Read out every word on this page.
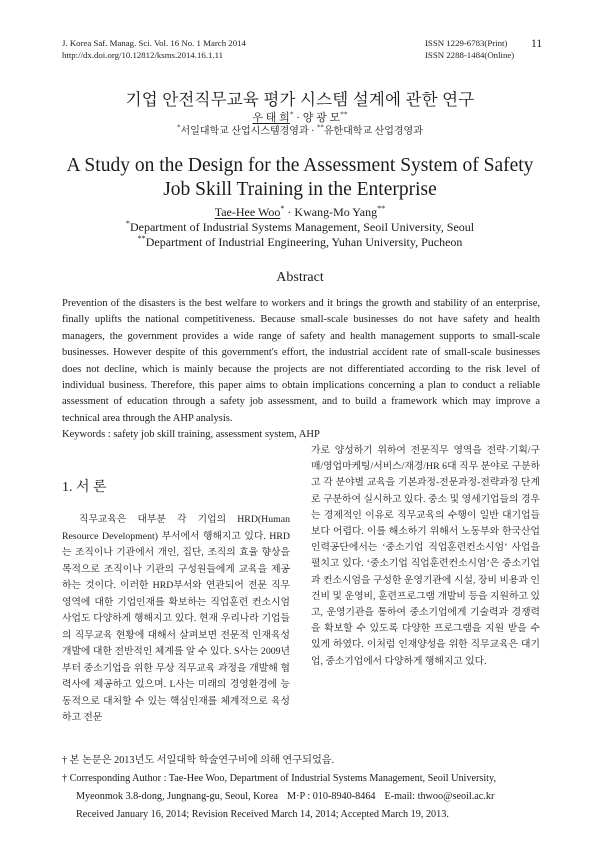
J. Korea Saf. Manag. Sci. Vol. 16 No. 1 March 2014
http://dx.doi.org/10.12812/ksms.2014.16.1.11
ISSN 1229-6783(Print)
ISSN 2288-1484(Online)
11
기업 안전직무교육 평가 시스템 설계에 관한 연구
우 태 희* · 양 광 모**
*서일대학교 산업시스템경영과 · **유한대학교 산업경영과
A Study on the Design for the Assessment System of Safety
Job Skill Training in the Enterprise
Tae-Hee Woo* · Kwang-Mo Yang**
*Department of Industrial Systems Management, Seoil University, Seoul
**Department of Industrial Engineering, Yuhan University, Pucheon
Abstract

Prevention of the disasters is the best welfare to workers and it brings the growth and stability of an enterprise, finally uplifts the national competitiveness. Because small-scale businesses do not have safety and health managers, the government provides a wide range of safety and health management supports to small-scale businesses. However despite of this government's effort, the industrial accident rate of small-scale businesses does not decline, which is mainly because the projects are not differentiated according to the risk level of individual business. Therefore, this paper aims to obtain implications concerning a plan to conduct a reliable assessment of education through a safety job assessment, and to build a framework which may improve a technical area through the AHP analysis.

Keywords : safety job skill training, assessment system, AHP

1. 서 론

직무교육은 대부분 각 기업의 HRD(Human Resource Development) 부서에서 행해지고 있다. HRD는 조직이나 기관에서 개인, 집단, 조직의 효율 향상을 목적으로 조직이나 기관의 구성원들에게 교육을 제공하는 것이다. 이러한 HRD부서와 연관되어 전문 직무 영역에 대한 기업인재를 확보하는 직업훈련 컨소시엄 사업도 다양하게 행해지고 있다. 현재 우리나라 기업들의 직무교육 현황에 대해서 살펴보면 전문적 인재육성 개발에 대한 전반적인 체계를 알 수 있다. S사는 2009년부터 중소기업을 위한 무상 직무교육 과정을 개발해 협력사에 제공하고 있으며. L사는 미래의 경영환경에 능동적으로 대처할 수 있는 핵심인재를 체계적으로 육성하고 전문

가로 양성하기 위하여 전문직무 영역을 전략·기획/구매/영업마케팅/서비스/재경/HR 6대 직무 분야로 구분하고 각 분야별 교육을 기본과정-전문과정-전략과정 단계로 구분하여 실시하고 있다. 중소 및 영세기업들의 경우는 경제적인 이유로 직무교육의 수행이 일반 대기업들보다 어렵다. 이를 해소하기 위해서 노동부와 한국산업인력공단에서는 ‘중소기업 직업훈련컨소시엄’ 사업을 펼치고 있다. ‘중소기업 직업훈련컨소시엄’은 중소기업과 컨소시엄을 구성한 운영기관에 시설, 장비 비용과 인건비 및 운영비, 훈련프로그램 개발비 등을 지원하고 있고, 운영기관을 통하여 중소기업에게 기술력과 경쟁력을 확보할 수 있도록 다양한 프로그램을 지원 받을 수 있게 하였다. 이처럼 인재양성을 위한 직무교육은 대기업, 중소기업에서 다양하게 행해지고 있다.

† 본 논문은 2013년도 서일대학 학술연구비에 의해 연구되었음.
† Corresponding Author : Tae-Hee Woo, Department of Industrial Systems Management, Seoil University,
Myeonmok 3.8-dong, Jungnang-gu, Seoul, Korea M·P : 010-8940-8464 E-mail: thwoo@seoil.ac.kr
Received January 16, 2014; Revision Received March 14, 2014; Accepted March 19, 2013.
